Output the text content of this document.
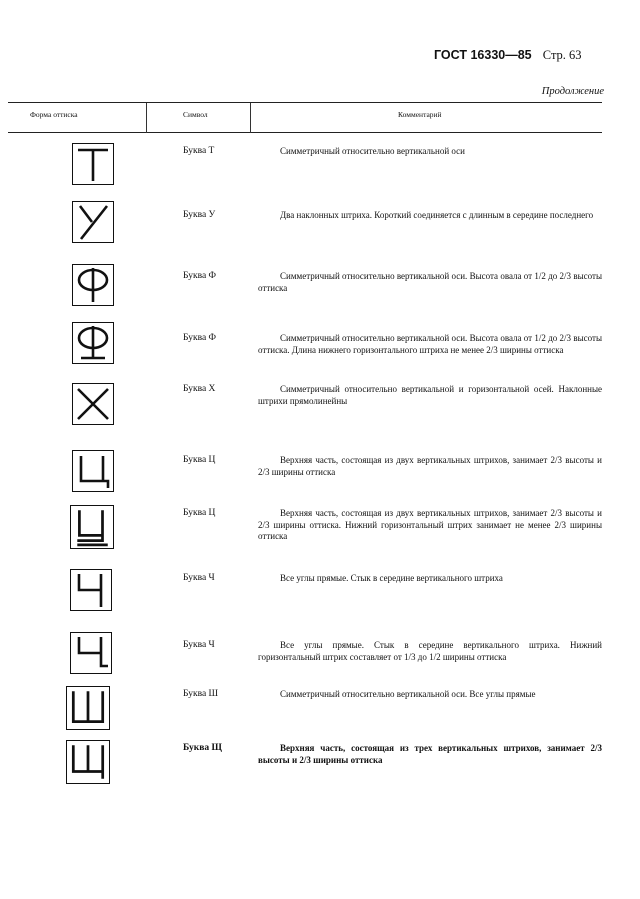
ГОСТ 16330—85 Стр. 63
Продолжение
Форма оттиска	Символ	Комментарий
Буква Т	Симметричный относительно вертикальной оси
Буква У	Два наклонных штриха. Короткий соединяется с длинным в середине последнего
Буква Ф	Симметричный относительно вертикальной оси. Высота овала от 1/2 до 2/3 высоты оттиска
Буква Ф	Симметричный относительно вертикальной оси. Высота овала от 1/2 до 2/3 высоты оттиска. Длина нижнего горизонтального штриха не менее 2/3 ширины оттиска
Буква Х	Симметричный относительно вертикальной и горизонтальной осей. Наклонные штрихи прямолинейны
Буква Ц	Верхняя часть, состоящая из двух вертикальных штрихов, занимает 2/3 высоты и 2/3 ширины оттиска
Буква Ц	Верхняя часть, состоящая из двух вертикальных штрихов, занимает 2/3 высоты и 2/3 ширины оттиска. Нижний горизонтальный штрих занимает не менее 2/3 ширины оттиска
Буква Ч	Все углы прямые. Стык в середине вертикального штриха
Буква Ч	Все углы прямые. Стык в середине вертикального штриха. Нижний горизонтальный штрих составляет от 1/3 до 1/2 ширины оттиска
Буква Ш	Симметричный относительно вертикальной оси. Все углы прямые
Буква Щ	Верхняя часть, состоящая из трех вертикальных штрихов, занимает 2/3 высоты и 2/3 ширины оттиска
